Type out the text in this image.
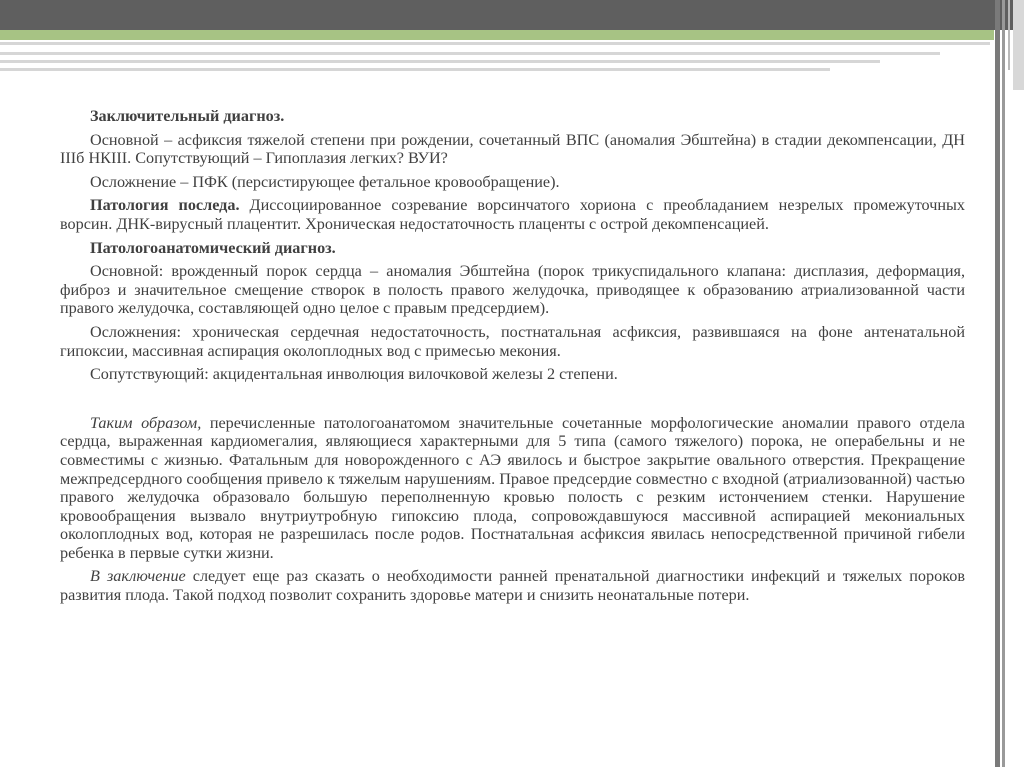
Заключительный диагноз.

Основной – асфиксия тяжелой степени при рождении, сочетанный ВПС (аномалия Эбштейна) в стадии декомпенсации, ДН IIIб НКIII. Сопутствующий – Гипоплазия легких? ВУИ?

Осложнение – ПФК (персистирующее фетальное кровообращение).

Патология последа. Диссоциированное созревание ворсинчатого хориона с преобладанием незрелых промежуточных ворсин. ДНК-вирусный плацентит. Хроническая недостаточность плаценты с острой декомпенсацией.

Патологоанатомический диагноз.

Основной: врожденный порок сердца – аномалия Эбштейна (порок трикуспидального клапана: дисплазия, деформация, фиброз и значительное смещение створок в полость правого желудочка, приводящее к образованию атриализованной части правого желудочка, составляющей одно целое с правым предсердием).

Осложнения: хроническая сердечная недостаточность, постнатальная асфиксия, развившаяся на фоне антенатальной гипоксии, массивная аспирация околоплодных вод с примесью мекония.

Сопутствующий: акцидентальная инволюция вилочковой железы 2 степени.

Таким образом, перечисленные патологоанатомом значительные сочетанные морфологические аномалии правого отдела сердца, выраженная кардиомегалия, являющиеся характерными для 5 типа (самого тяжелого) порока, не операбельны и не совместимы с жизнью. Фатальным для новорожденного с АЭ явилось и быстрое закрытие овального отверстия. Прекращение межпредсердного сообщения привело к тяжелым нарушениям. Правое предсердие совместно с входной (атриализованной) частью правого желудочка образовало большую переполненную кровью полость с резким истончением стенки. Нарушение кровообращения вызвало внутриутробную гипоксию плода, сопровождавшуюся массивной аспирацией мекониальных околоплодных вод, которая не разрешилась после родов. Постнатальная асфиксия явилась непосредственной причиной гибели ребенка в первые сутки жизни.

В заключение следует еще раз сказать о необходимости ранней пренатальной диагностики инфекций и тяжелых пороков развития плода. Такой подход позволит сохранить здоровье матери и снизить неонатальные потери.
